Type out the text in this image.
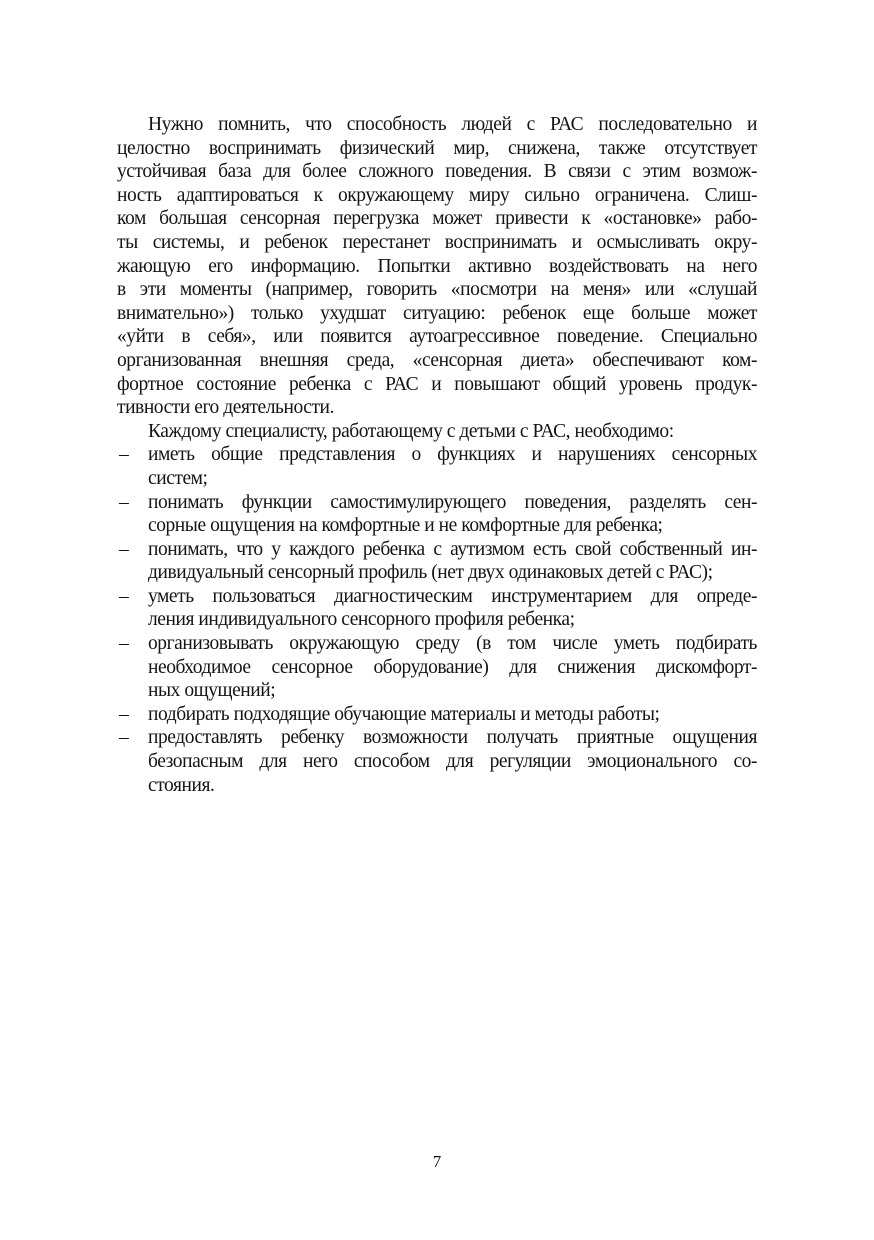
Нужно помнить, что способность людей с РАС последовательно и
целостно воспринимать физический мир, снижена, также отсутствует
устойчивая база для более сложного поведения. В связи с этим возмож-
ность адаптироваться к окружающему миру сильно ограничена. Слиш-
ком большая сенсорная перегрузка может привести к «остановке» рабо-
ты системы, и ребенок перестанет воспринимать и осмысливать окру-
жающую его информацию. Попытки активно воздействовать на него
в эти моменты (например, говорить «посмотри на меня» или «слушай
внимательно») только ухудшат ситуацию: ребенок еще больше может
«уйти в себя», или появится аутоагрессивное поведение. Специально
организованная внешняя среда, «сенсорная диета» обеспечивают ком-
фортное состояние ребенка с РАС и повышают общий уровень продук-
тивности его деятельности.
Каждому специалисту, работающему с детьми с РАС, необходимо:
– иметь общие представления о функциях и нарушениях сенсорных
систем;
– понимать функции самостимулирующего поведения, разделять сен-
сорные ощущения на комфортные и не комфортные для ребенка;
– понимать, что у каждого ребенка с аутизмом есть свой собственный ин-
дивидуальный сенсорный профиль (нет двух одинаковых детей с РАС);
– уметь пользоваться диагностическим инструментарием для опреде-
ления индивидуального сенсорного профиля ребенка;
– организовывать окружающую среду (в том числе уметь подбирать
необходимое сенсорное оборудование) для снижения дискомфорт-
ных ощущений;
– подбирать подходящие обучающие материалы и методы работы;
– предоставлять ребенку возможности получать приятные ощущения
безопасным для него способом для регуляции эмоционального со-
стояния.
7
